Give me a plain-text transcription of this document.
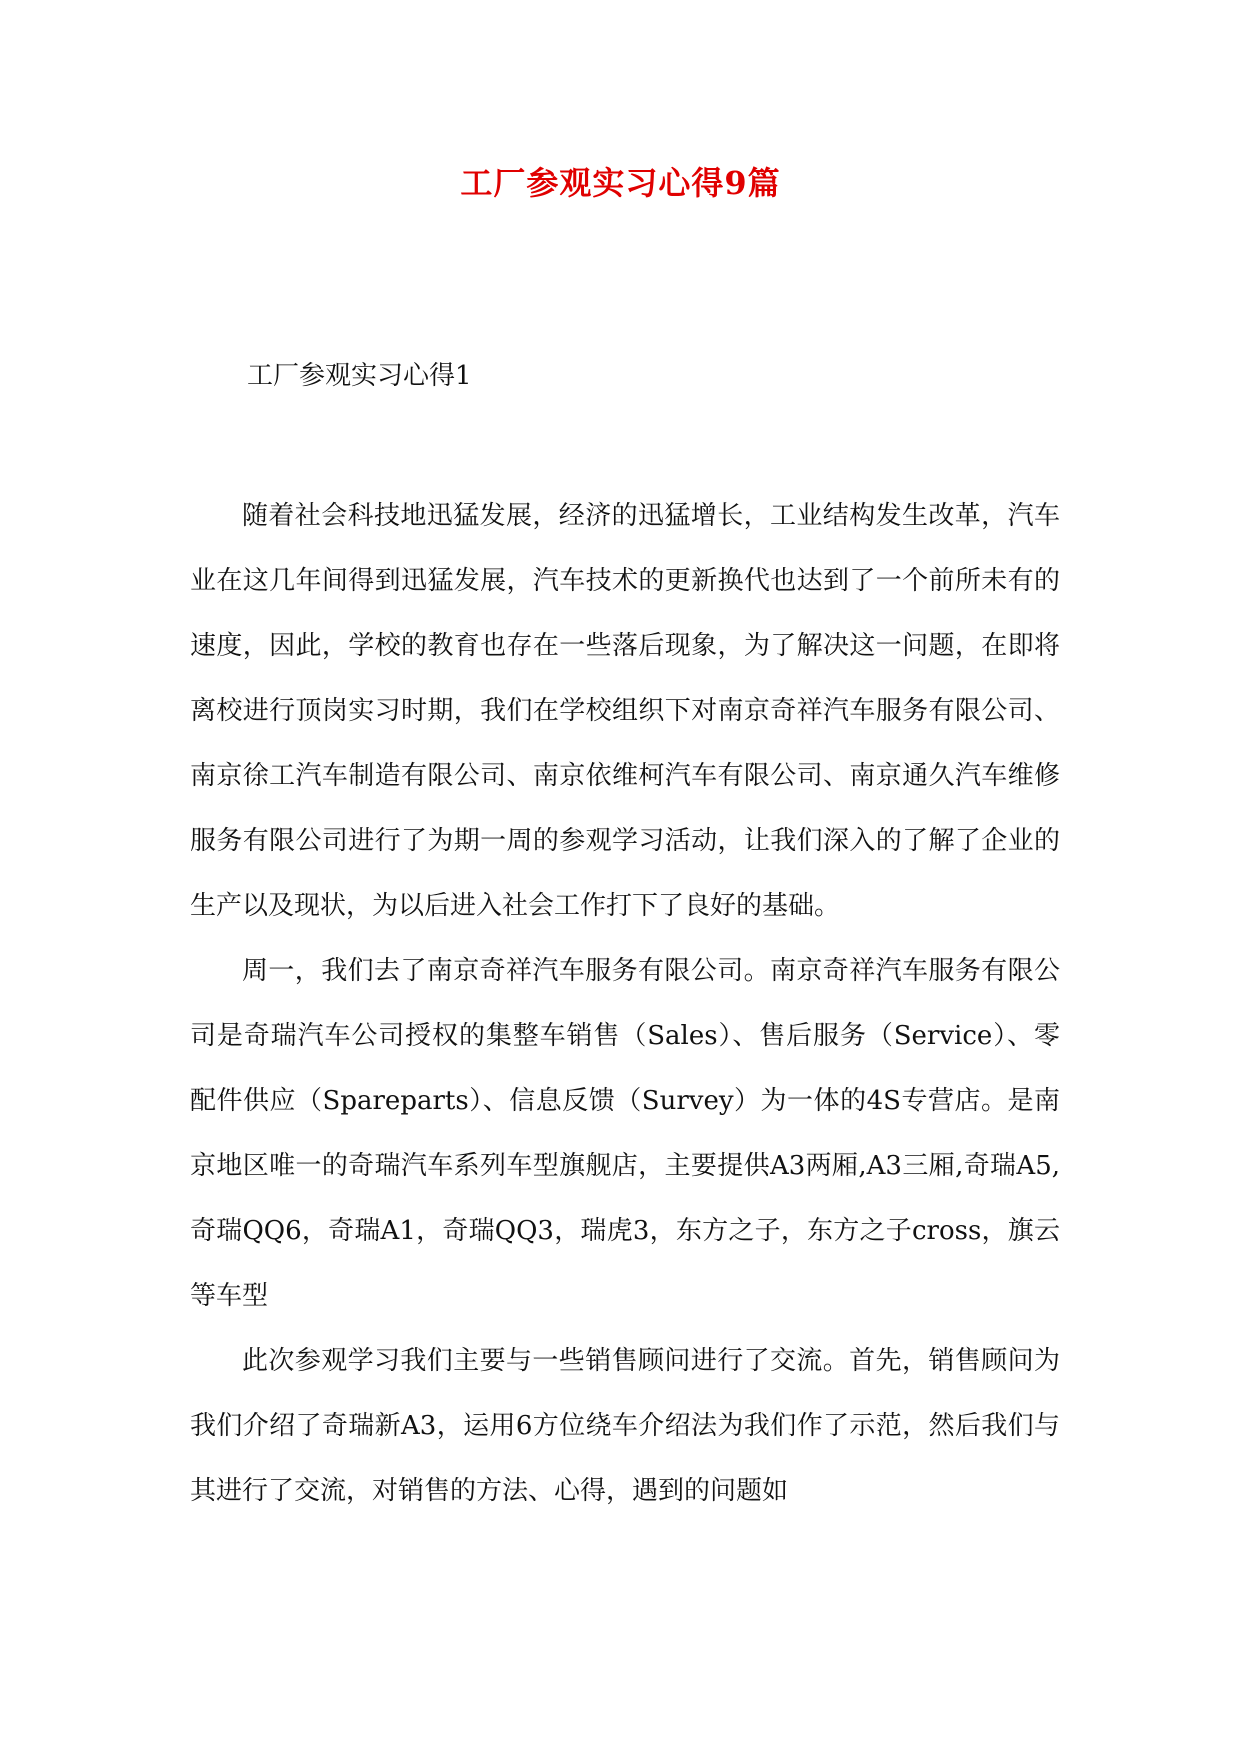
工厂参观实习心得9篇
工厂参观实习心得1

随着社会科技地迅猛发展，经济的迅猛增长，工业结构发生改革，汽车业在这几年间得到迅猛发展，汽车技术的更新换代也达到了一个前所未有的速度，因此，学校的教育也存在一些落后现象，为了解决这一问题，在即将离校进行顶岗实习时期，我们在学校组织下对南京奇祥汽车服务有限公司、南京徐工汽车制造有限公司、南京依维柯汽车有限公司、南京通久汽车维修服务有限公司进行了为期一周的参观学习活动，让我们深入的了解了企业的生产以及现状，为以后进入社会工作打下了良好的基础。

周一，我们去了南京奇祥汽车服务有限公司。南京奇祥汽车服务有限公司是奇瑞汽车公司授权的集整车销售（Sales）、售后服务（Service）、零配件供应（Spareparts）、信息反馈（Survey）为一体的4S专营店。是南京地区唯一的奇瑞汽车系列车型旗舰店，主要提供A3两厢,A3三厢,奇瑞A5,奇瑞QQ6，奇瑞A1，奇瑞QQ3，瑞虎3，东方之子，东方之子cross，旗云等车型

此次参观学习我们主要与一些销售顾问进行了交流。首先，销售顾问为我们介绍了奇瑞新A3，运用6方位绕车介绍法为我们作了示范，然后我们与其进行了交流，对销售的方法、心得，遇到的问题如
